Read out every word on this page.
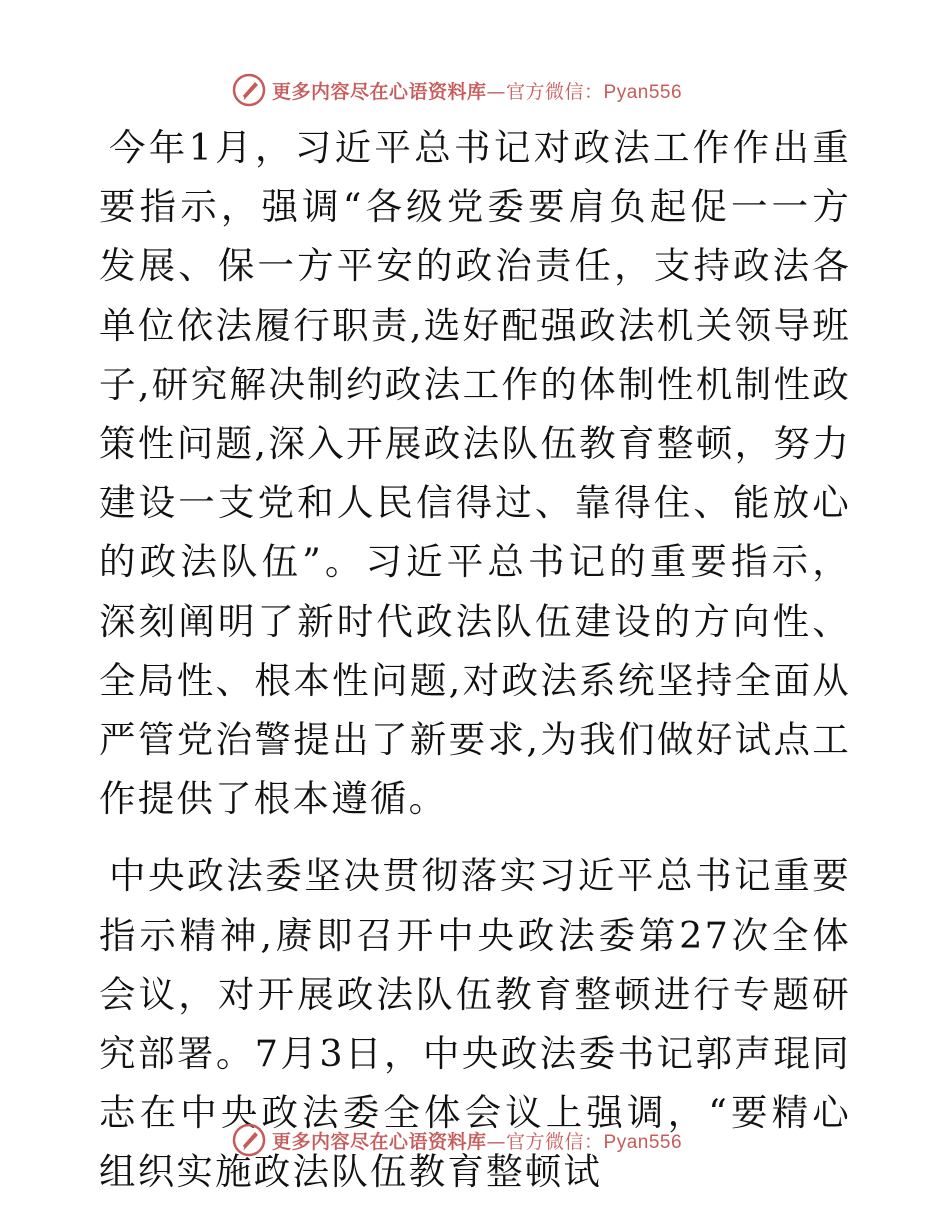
更多内容尽在心语资料库—官方微信：Pyan556

今年1月，习近平总书记对政法工作作出重要指示，强调“各级党委要肩负起促一一方发展、保一方平安的政治责任，支持政法各单位依法履行职责,选好配强政法机关领导班子,研究解决制约政法工作的体制性机制性政策性问题,深入开展政法队伍教育整顿，努力建设一支党和人民信得过、靠得住、能放心的政法队伍”。习近平总书记的重要指示，深刻阐明了新时代政法队伍建设的方向性、全局性、根本性问题,对政法系统坚持全面从严管党治警提出了新要求,为我们做好试点工作提供了根本遵循。

中央政法委坚决贯彻落实习近平总书记重要指示精神,赓即召开中央政法委第27次全体会议，对开展政法队伍教育整顿进行专题研究部署。7月3日，中央政法委书记郭声琨同志在中央政法委全体会议上强调，“要精心组织实施政法队伍教育整顿试

更多内容尽在心语资料库—官方微信：Pyan556
